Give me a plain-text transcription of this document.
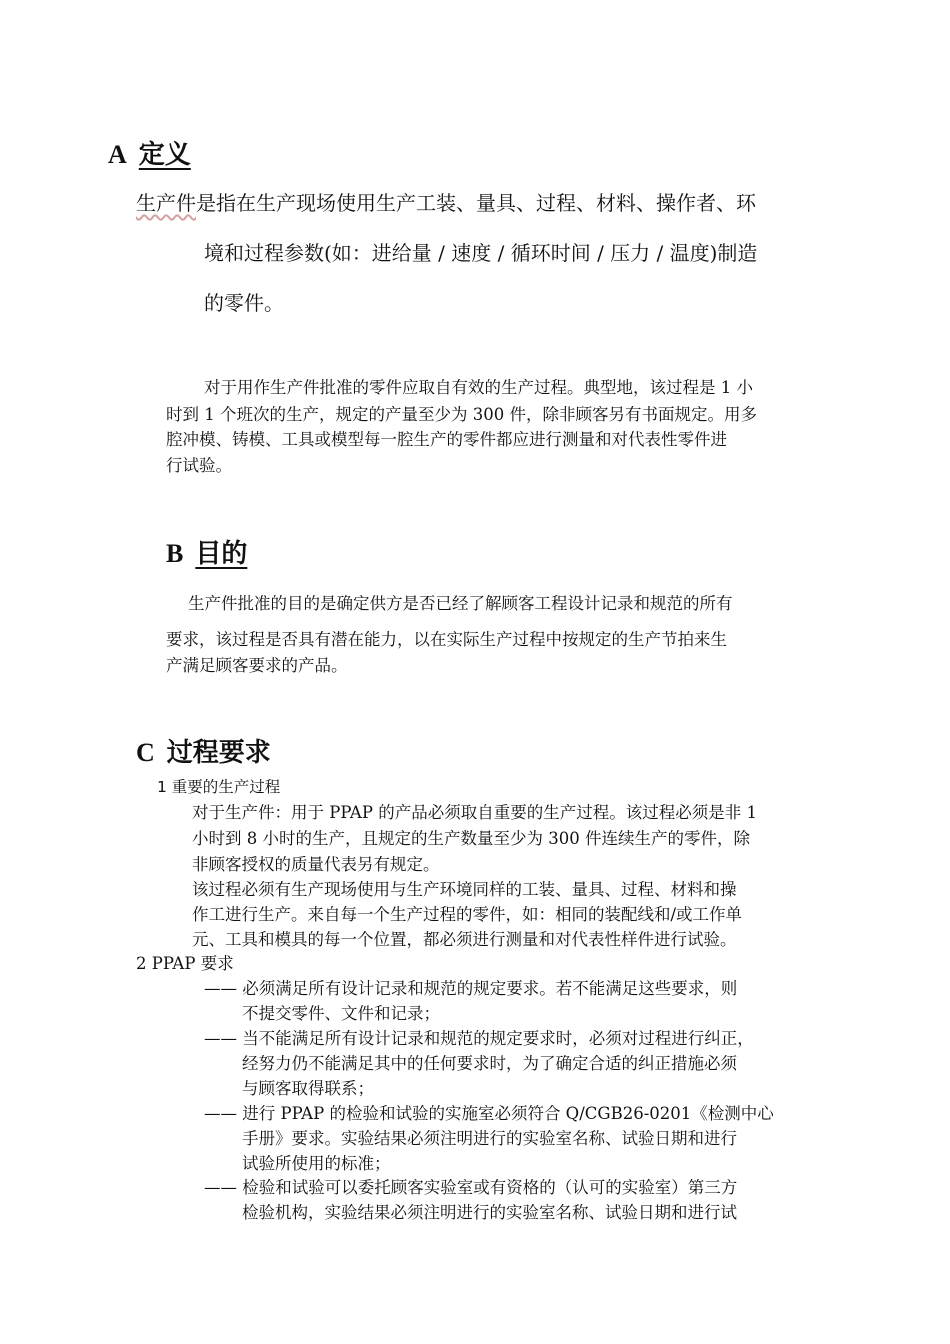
A 定义
生产件是指在生产现场使用生产工装、量具、过程、材料、操作者、环
境和过程参数(如：进给量 / 速度 / 循环时间 / 压力 / 温度)制造
的零件。
对于用作生产件批准的零件应取自有效的生产过程。典型地，该过程是 1 小
时到 1 个班次的生产，规定的产量至少为 300 件，除非顾客另有书面规定。用多
腔冲模、铸模、工具或模型每一腔生产的零件都应进行测量和对代表性零件进
行试验。
B 目的
生产件批准的目的是确定供方是否已经了解顾客工程设计记录和规范的所有
要求，该过程是否具有潜在能力，以在实际生产过程中按规定的生产节拍来生
产满足顾客要求的产品。
C 过程要求
1 重要的生产过程
对于生产件：用于 PPAP 的产品必须取自重要的生产过程。该过程必须是非 1
小时到 8 小时的生产，且规定的生产数量至少为 300 件连续生产的零件，除
非顾客授权的质量代表另有规定。
该过程必须有生产现场使用与生产环境同样的工装、量具、过程、材料和操
作工进行生产。来自每一个生产过程的零件，如：相同的装配线和/或工作单
元、工具和模具的每一个位置，都必须进行测量和对代表性样件进行试验。
2 PPAP 要求
—— 必须满足所有设计记录和规范的规定要求。若不能满足这些要求，则
不提交零件、文件和记录；
—— 当不能满足所有设计记录和规范的规定要求时，必须对过程进行纠正，
经努力仍不能满足其中的任何要求时，为了确定合适的纠正措施必须
与顾客取得联系；
—— 进行 PPAP 的检验和试验的实施室必须符合 Q/CGB26-0201《检测中心
手册》要求。实验结果必须注明进行的实验室名称、试验日期和进行
试验所使用的标准；
—— 检验和试验可以委托顾客实验室或有资格的（认可的实验室）第三方
检验机构，实验结果必须注明进行的实验室名称、试验日期和进行试
